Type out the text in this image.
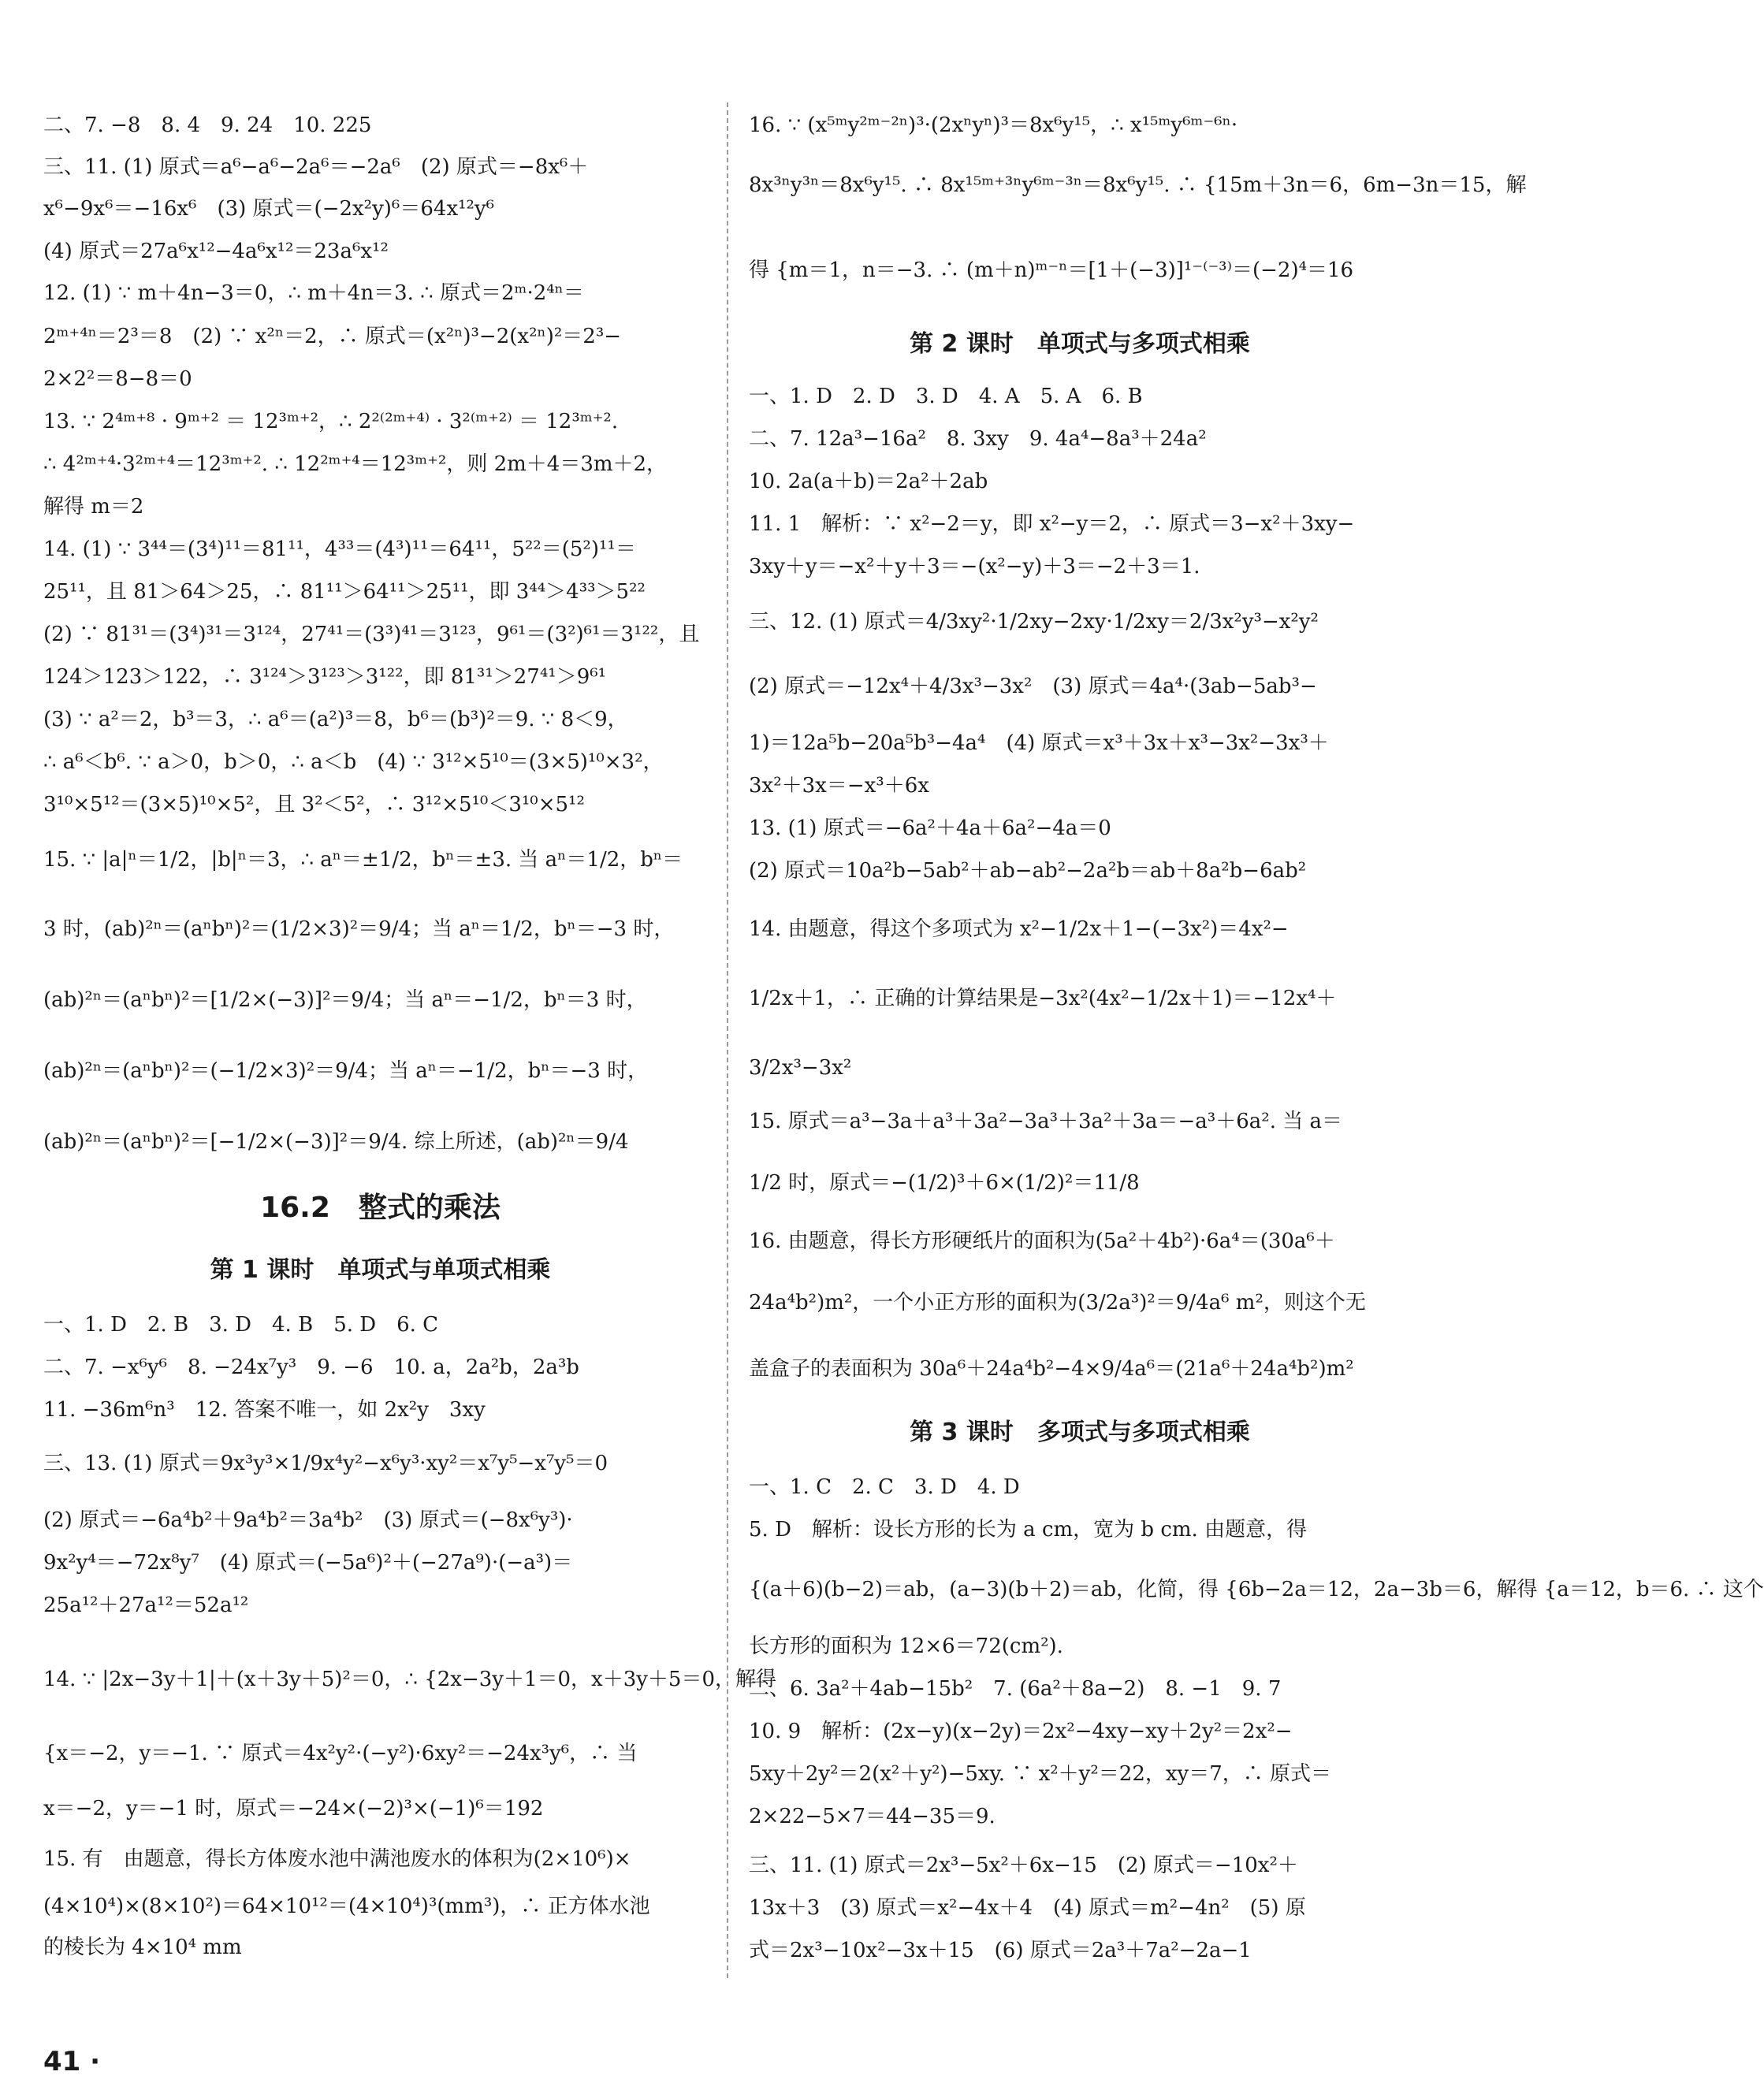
二、7. −8　8. 4　9. 24　10. 225
三、11. (1) 原式＝a⁶−a⁶−2a⁶＝−2a⁶　(2) 原式＝−8x⁶＋
x⁶−9x⁶＝−16x⁶　(3) 原式＝(−2x²y)⁶＝64x¹²y⁶
(4) 原式＝27a⁶x¹²−4a⁶x¹²＝23a⁶x¹²
12. (1) ∵ m＋4n−3＝0，∴ m＋4n＝3. ∴ 原式＝2ᵐ·2⁴ⁿ＝
2ᵐ⁺⁴ⁿ＝2³＝8　(2) ∵ x²ⁿ＝2，∴ 原式＝(x²ⁿ)³−2(x²ⁿ)²＝2³−
2×2²＝8−8＝0
13. ∵ 2⁴ᵐ⁺⁸ · 9ᵐ⁺² ＝ 12³ᵐ⁺²，∴ 2²⁽²ᵐ⁺⁴⁾ · 3²⁽ᵐ⁺²⁾ ＝ 12³ᵐ⁺².
∴ 4²ᵐ⁺⁴·3²ᵐ⁺⁴＝12³ᵐ⁺². ∴ 12²ᵐ⁺⁴＝12³ᵐ⁺²，则 2m＋4＝3m＋2，
解得 m＝2
14. (1) ∵ 3⁴⁴＝(3⁴)¹¹＝81¹¹，4³³＝(4³)¹¹＝64¹¹，5²²＝(5²)¹¹＝
25¹¹，且 81＞64＞25，∴ 81¹¹＞64¹¹＞25¹¹，即 3⁴⁴＞4³³＞5²²
(2) ∵ 81³¹＝(3⁴)³¹＝3¹²⁴，27⁴¹＝(3³)⁴¹＝3¹²³，9⁶¹＝(3²)⁶¹＝3¹²²，且
124＞123＞122，∴ 3¹²⁴＞3¹²³＞3¹²²，即 81³¹＞27⁴¹＞9⁶¹
(3) ∵ a²＝2，b³＝3，∴ a⁶＝(a²)³＝8，b⁶＝(b³)²＝9. ∵ 8＜9，
∴ a⁶＜b⁶. ∵ a＞0，b＞0，∴ a＜b　(4) ∵ 3¹²×5¹⁰＝(3×5)¹⁰×3²，
3¹⁰×5¹²＝(3×5)¹⁰×5²，且 3²＜5²，∴ 3¹²×5¹⁰＜3¹⁰×5¹²
15. ∵ |a|ⁿ＝1/2，|b|ⁿ＝3，∴ aⁿ＝±1/2，bⁿ＝±3. 当 aⁿ＝1/2，bⁿ＝
3 时，(ab)²ⁿ＝(aⁿbⁿ)²＝(1/2×3)²＝9/4；当 aⁿ＝1/2，bⁿ＝−3 时，
(ab)²ⁿ＝(aⁿbⁿ)²＝[1/2×(−3)]²＝9/4；当 aⁿ＝−1/2，bⁿ＝3 时，
(ab)²ⁿ＝(aⁿbⁿ)²＝(−1/2×3)²＝9/4；当 aⁿ＝−1/2，bⁿ＝−3 时，
(ab)²ⁿ＝(aⁿbⁿ)²＝[−1/2×(−3)]²＝9/4. 综上所述，(ab)²ⁿ＝9/4
16.2　整式的乘法
第 1 课时　单项式与单项式相乘
一、1. D　2. B　3. D　4. B　5. D　6. C
二、7. −x⁶y⁶　8. −24x⁷y³　9. −6　10. a，2a²b，2a³b
11. −36m⁶n³　12. 答案不唯一，如 2x²y　3xy
三、13. (1) 原式＝9x³y³×1/9x⁴y²−x⁶y³·xy²＝x⁷y⁵−x⁷y⁵＝0
(2) 原式＝−6a⁴b²＋9a⁴b²＝3a⁴b²　(3) 原式＝(−8x⁶y³)·
9x²y⁴＝−72x⁸y⁷　(4) 原式＝(−5a⁶)²＋(−27a⁹)·(−a³)＝
25a¹²＋27a¹²＝52a¹²
14. ∵ |2x−3y＋1|＋(x＋3y＋5)²＝0，∴ {2x−3y＋1＝0，x＋3y＋5＝0，解得
{x＝−2，y＝−1. ∵ 原式＝4x²y²·(−y²)·6xy²＝−24x³y⁶，∴ 当
x＝−2，y＝−1 时，原式＝−24×(−2)³×(−1)⁶＝192
15. 有　由题意，得长方体废水池中满池废水的体积为(2×10⁶)×
(4×10⁴)×(8×10²)＝64×10¹²＝(4×10⁴)³(mm³)，∴ 正方体水池
的棱长为 4×10⁴ mm
41 ·
16. ∵ (x⁵ᵐy²ᵐ⁻²ⁿ)³·(2xⁿyⁿ)³＝8x⁶y¹⁵，∴ x¹⁵ᵐy⁶ᵐ⁻⁶ⁿ·
8x³ⁿy³ⁿ＝8x⁶y¹⁵. ∴ 8x¹⁵ᵐ⁺³ⁿy⁶ᵐ⁻³ⁿ＝8x⁶y¹⁵. ∴ {15m＋3n＝6，6m−3n＝15，解
得 {m＝1，n＝−3. ∴ (m＋n)ᵐ⁻ⁿ＝[1＋(−3)]¹⁻⁽⁻³⁾＝(−2)⁴＝16
第 2 课时　单项式与多项式相乘
一、1. D　2. D　3. D　4. A　5. A　6. B
二、7. 12a³−16a²　8. 3xy　9. 4a⁴−8a³＋24a²
10. 2a(a＋b)＝2a²＋2ab
11. 1　解析：∵ x²−2＝y，即 x²−y＝2，∴ 原式＝3−x²＋3xy−
3xy＋y＝−x²＋y＋3＝−(x²−y)＋3＝−2＋3＝1.
三、12. (1) 原式＝4/3xy²·1/2xy−2xy·1/2xy＝2/3x²y³−x²y²
(2) 原式＝−12x⁴＋4/3x³−3x²　(3) 原式＝4a⁴·(3ab−5ab³−
1)＝12a⁵b−20a⁵b³−4a⁴　(4) 原式＝x³＋3x＋x³−3x²−3x³＋
3x²＋3x＝−x³＋6x
13. (1) 原式＝−6a²＋4a＋6a²−4a＝0
(2) 原式＝10a²b−5ab²＋ab−ab²−2a²b＝ab＋8a²b−6ab²
14. 由题意，得这个多项式为 x²−1/2x＋1−(−3x²)＝4x²−
1/2x＋1，∴ 正确的计算结果是−3x²(4x²−1/2x＋1)＝−12x⁴＋
3/2x³−3x²
15. 原式＝a³−3a＋a³＋3a²−3a³＋3a²＋3a＝−a³＋6a². 当 a＝
1/2 时，原式＝−(1/2)³＋6×(1/2)²＝11/8
16. 由题意，得长方形硬纸片的面积为(5a²＋4b²)·6a⁴＝(30a⁶＋
24a⁴b²)m²，一个小正方形的面积为(3/2a³)²＝9/4a⁶ m²，则这个无
盖盒子的表面积为 30a⁶＋24a⁴b²−4×9/4a⁶＝(21a⁶＋24a⁴b²)m²
第 3 课时　多项式与多项式相乘
一、1. C　2. C　3. D　4. D
5. D　解析：设长方形的长为 a cm，宽为 b cm. 由题意，得
{(a＋6)(b−2)＝ab，(a−3)(b＋2)＝ab，化简，得 {6b−2a＝12，2a−3b＝6，解得 {a＝12，b＝6. ∴ 这个
长方形的面积为 12×6＝72(cm²).
二、6. 3a²＋4ab−15b²　7. (6a²＋8a−2)　8. −1　9. 7
10. 9　解析：(2x−y)(x−2y)＝2x²−4xy−xy＋2y²＝2x²−
5xy＋2y²＝2(x²＋y²)−5xy. ∵ x²＋y²＝22，xy＝7，∴ 原式＝
2×22−5×7＝44−35＝9.
三、11. (1) 原式＝2x³−5x²＋6x−15　(2) 原式＝−10x²＋
13x＋3　(3) 原式＝x²−4x＋4　(4) 原式＝m²−4n²　(5) 原
式＝2x³−10x²−3x＋15　(6) 原式＝2a³＋7a²−2a−1
